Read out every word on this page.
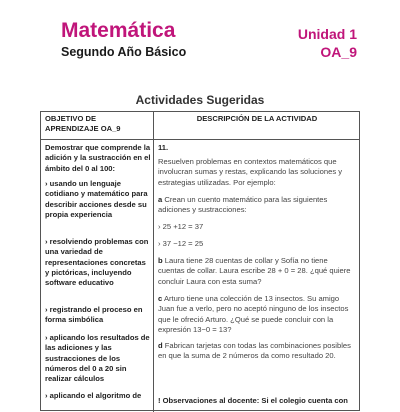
Matemática
Segundo Año Básico
Unidad 1
OA_9
Actividades Sugeridas
OBJETIVO DE APRENDIZAJE OA_9
DESCRIPCIÓN DE LA ACTIVIDAD
Demostrar que comprende la adición y la sustracción en el ámbito del 0 al 100:
› usando un lenguaje cotidiano y matemático para describir acciones desde su propia experiencia
› resolviendo problemas con una variedad de representaciones concretas y pictóricas, incluyendo software educativo
› registrando el proceso en forma simbólica
› aplicando los resultados de las adiciones y las sustracciones de los números del 0 a 20 sin realizar cálculos
› aplicando el algoritmo de
11.
Resuelven problemas en contextos matemáticos que involucran sumas y restas, explicando las soluciones y estrategias utilizadas. Por ejemplo:
a Crean un cuento matemático para las siguientes adiciones y sustracciones:
› 25 +12 = 37
› 37 −12 = 25
b Laura tiene 28 cuentas de collar y Sofía no tiene cuentas de collar. Laura escribe 28 + 0 = 28. ¿qué quiere concluir Laura con esta suma?
c Arturo tiene una colección de 13 insectos. Su amigo Juan fue a verlo, pero no aceptó ninguno de los insectos que le ofreció Arturo. ¿Qué se puede concluir con la expresión 13−0 = 13?
d Fabrican tarjetas con todas las combinaciones posibles en que la suma de 2 números da como resultado 20.
! Observaciones al docente: Si el colegio cuenta con
